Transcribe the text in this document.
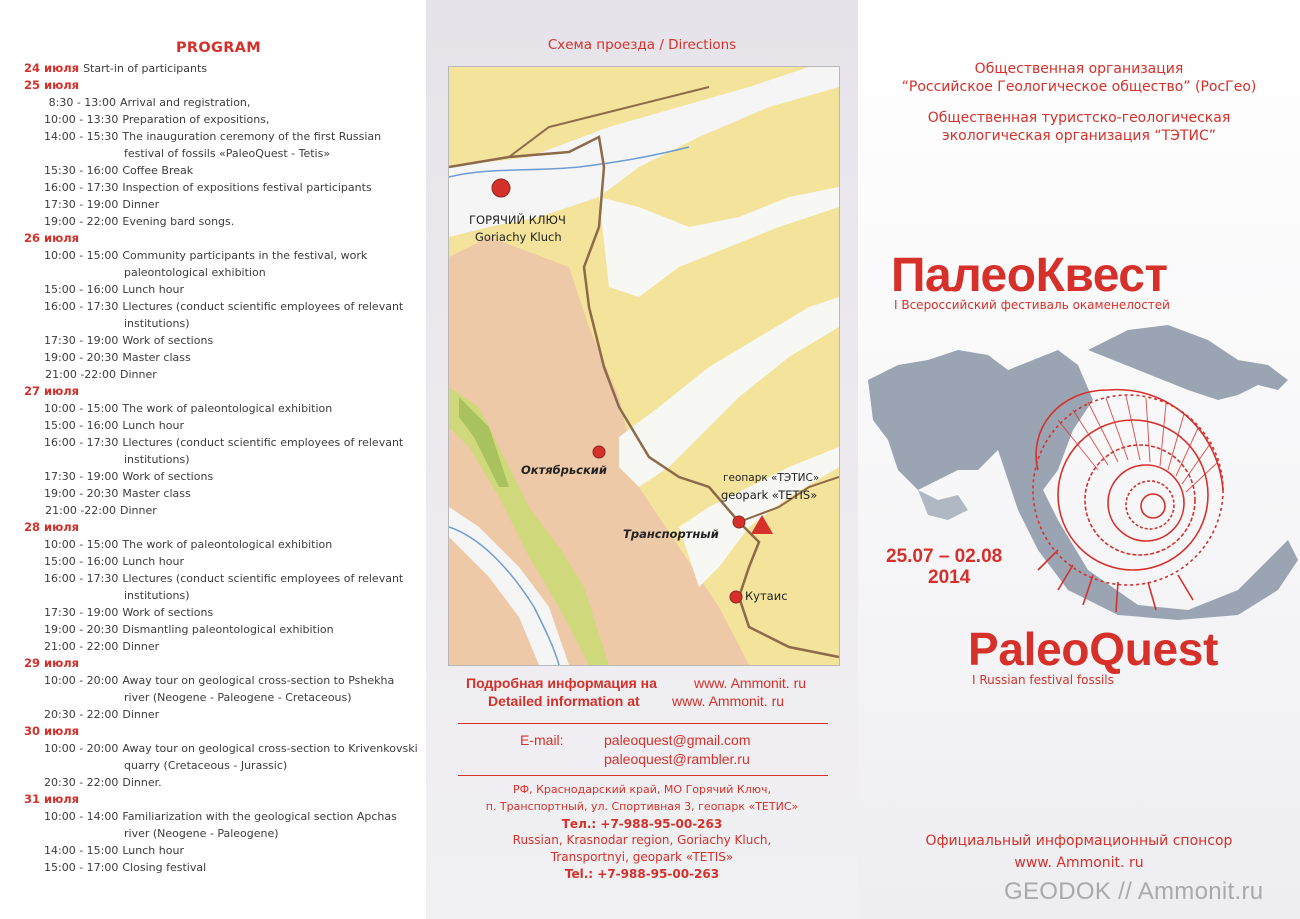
PROGRAM
24 июля Start-in of participants
25 июля
8:30 - 13:00 Arrival and registration,
10:00 - 13:30 Preparation of expositions,
14:00 - 15:30 The inauguration ceremony of the first Russian
festival of fossils «PaleoQuest - Tetis»
15:30 - 16:00 Coffee Break
16:00 - 17:30 Inspection of expositions festival participants
17:30 - 19:00 Dinner
19:00 - 22:00 Evening bard songs.
26 июля
10:00 - 15:00 Community participants in the festival, work
paleontological exhibition
15:00 - 16:00 Lunch hour
16:00 - 17:30 Llectures (conduct scientific employees of relevant
institutions)
17:30 - 19:00 Work of sections
19:00 - 20:30 Master class
21:00 -22:00 Dinner
27 июля
10:00 - 15:00 The work of paleontological exhibition
15:00 - 16:00 Lunch hour
16:00 - 17:30 Llectures (conduct scientific employees of relevant
institutions)
17:30 - 19:00 Work of sections
19:00 - 20:30 Master class
21:00 -22:00 Dinner
28 июля
10:00 - 15:00 The work of paleontological exhibition
15:00 - 16:00 Lunch hour
16:00 - 17:30 Llectures (conduct scientific employees of relevant
institutions)
17:30 - 19:00 Work of sections
19:00 - 20:30 Dismantling paleontological exhibition
21:00 - 22:00 Dinner
29 июля
10:00 - 20:00 Away tour on geological cross-section to Pshekha
river (Neogene - Paleogene - Cretaceous)
20:30 - 22:00 Dinner
30 июля
10:00 - 20:00 Away tour on geological cross-section to Krivenkovski
quarry (Cretaceous - Jurassic)
20:30 - 22:00 Dinner.
31 июля
10:00 - 14:00 Familiarization with the geological section Apchas
river (Neogene - Paleogene)
14:00 - 15:00 Lunch hour
15:00 - 17:00 Closing festival
Схема проезда / Directions
ГОРЯЧИЙ КЛЮЧ
Goriachy Kluch
Октябрьский
геопарк «ТЭТИС»
geopark «TETIS»
Транспортный
Кутаис
Подробная информация на	www. Ammonit. ru
Detailed information at www. Ammonit. ru
E-mail:	paleoquest@gmail.com
paleoquest@rambler.ru
РФ, Краснодарский край, МО Горячий Ключ,
п. Транспортный, ул. Спортивная 3, геопарк «ТЕТИС»
Тел.: +7-988-95-00-263
Russian, Krasnodar region, Goriachy Kluch,
Transportnyi, geopark «TETIS»
Tel.: +7-988-95-00-263
Общественная организация
“Российское Геологическое общество” (РосГео)
Общественная туристско-геологическая
экологическая организация “ТЭТИС”
ПалеоКвест
I Всероссийский фестиваль окаменелостей
25.07 – 02.08
2014
PaleoQuest
I Russian festival fossils
Официальный информационный спонсор
www. Ammonit. ru
GEODOK // Ammonit.ru
